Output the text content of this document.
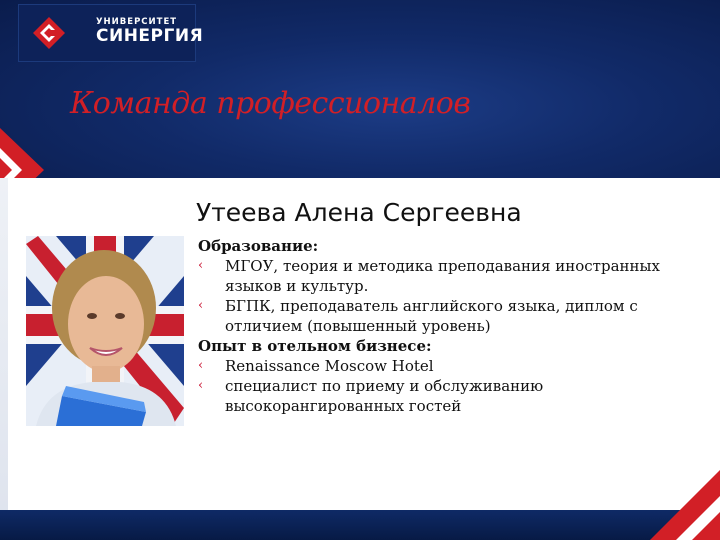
УНИВЕРСИТЕТ
СИНЕРГИЯ
Команда профессионалов
Утеева Алена Сергеевна

Образование:

‹ МГОУ, теория и методика преподавания иностранных языков и культур.

‹ БГПК, преподаватель английского языка, диплом с отличием (повышенный уровень)

Опыт в отельном бизнесе:

‹ Renaissance Moscow Hotel

‹ специалист по приему и обслуживанию высокорангированных гостей
